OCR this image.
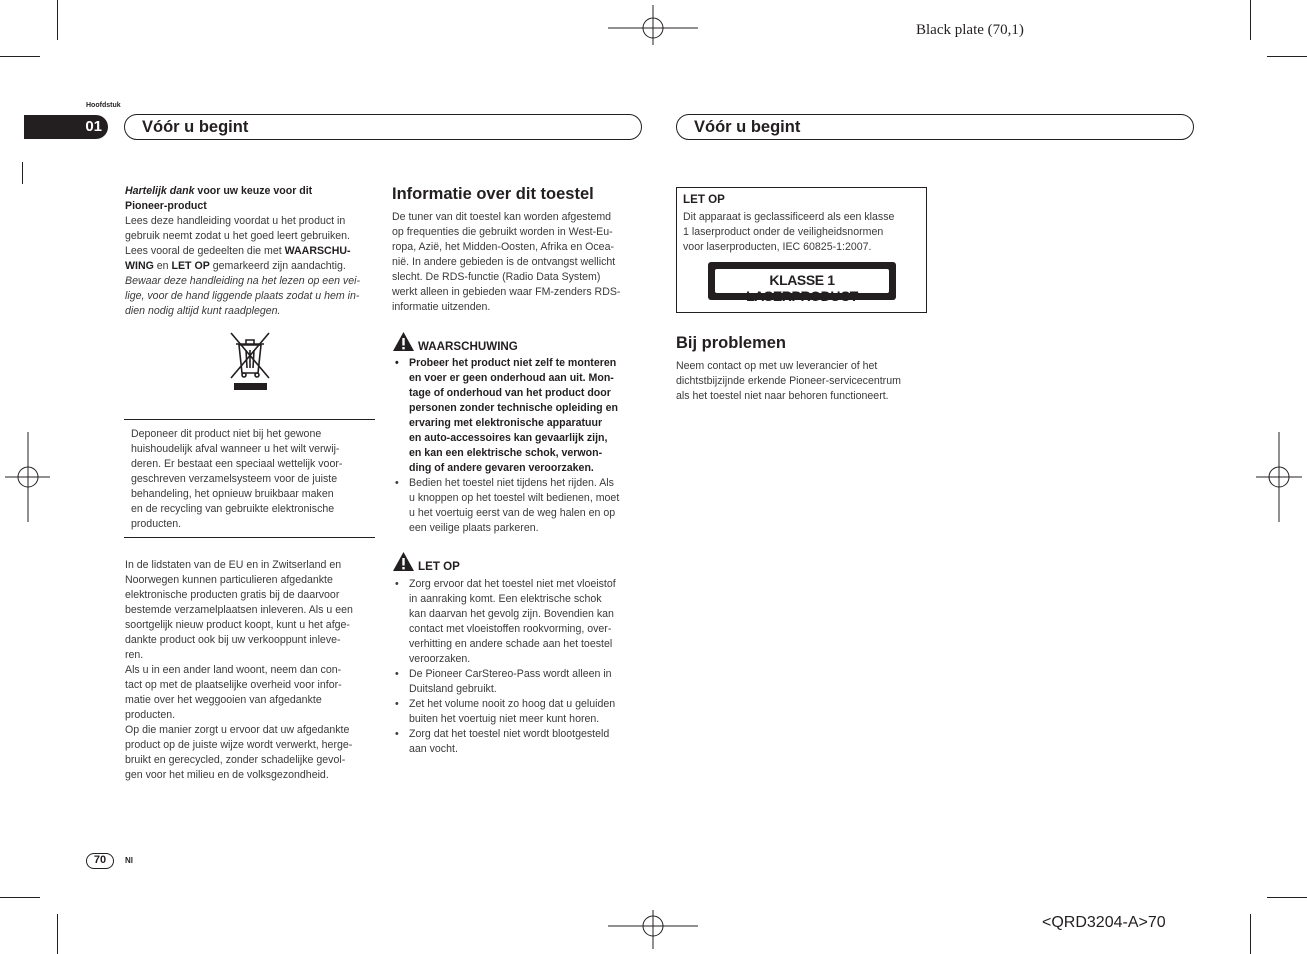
Black plate (70,1)
<QRD3204-A>70
Hoofdstuk
01 Vóór u begint	Vóór u begint
Hartelijk dank voor uw keuze voor dit
Pioneer-product
Lees deze handleiding voordat u het product in
gebruik neemt zodat u het goed leert gebruiken.
Lees vooral de gedeelten die met WAARSCHU-
WING en LET OP gemarkeerd zijn aandachtig.
Bewaar deze handleiding na het lezen op een vei-
lige, voor de hand liggende plaats zodat u hem in-
dien nodig altijd kunt raadplegen.
Deponeer dit product niet bij het gewone
huishoudelijk afval wanneer u het wilt verwij-
deren. Er bestaat een speciaal wettelijk voor-
geschreven verzamelsysteem voor de juiste
behandeling, het opnieuw bruikbaar maken
en de recycling van gebruikte elektronische
producten.
In de lidstaten van de EU en in Zwitserland en
Noorwegen kunnen particulieren afgedankte
elektronische producten gratis bij de daarvoor
bestemde verzamelplaatsen inleveren. Als u een
soortgelijk nieuw product koopt, kunt u het afge-
dankte product ook bij uw verkooppunt inleve-
ren.
Als u in een ander land woont, neem dan con-
tact op met de plaatselijke overheid voor infor-
matie over het weggooien van afgedankte
producten.
Op die manier zorgt u ervoor dat uw afgedankte
product op de juiste wijze wordt verwerkt, herge-
bruikt en gerecycled, zonder schadelijke gevol-
gen voor het milieu en de volksgezondheid.
Informatie over dit toestel
De tuner van dit toestel kan worden afgestemd
op frequenties die gebruikt worden in West-Eu-
ropa, Azië, het Midden-Oosten, Afrika en Ocea-
nië. In andere gebieden is de ontvangst wellicht
slecht. De RDS-functie (Radio Data System)
werkt alleen in gebieden waar FM-zenders RDS-
informatie uitzenden.
WAARSCHUWING
• Probeer het product niet zelf te monteren
en voer er geen onderhoud aan uit. Mon-
tage of onderhoud van het product door
personen zonder technische opleiding en
ervaring met elektronische apparatuur
en auto-accessoires kan gevaarlijk zijn,
en kan een elektrische schok, verwon-
ding of andere gevaren veroorzaken.
• Bedien het toestel niet tijdens het rijden. Als
u knoppen op het toestel wilt bedienen, moet
u het voertuig eerst van de weg halen en op
een veilige plaats parkeren.
LET OP
• Zorg ervoor dat het toestel niet met vloeistof
in aanraking komt. Een elektrische schok
kan daarvan het gevolg zijn. Bovendien kan
contact met vloeistoffen rookvorming, over-
verhitting en andere schade aan het toestel
veroorzaken.
• De Pioneer CarStereo-Pass wordt alleen in
Duitsland gebruikt.
• Zet het volume nooit zo hoog dat u geluiden
buiten het voertuig niet meer kunt horen.
• Zorg dat het toestel niet wordt blootgesteld
aan vocht.
LET OP
Dit apparaat is geclassificeerd als een klasse
1 laserproduct onder de veiligheidsnormen
voor laserproducten, IEC 60825-1:2007.
KLASSE 1 LASERPRODUCT
Bij problemen
Neem contact op met uw leverancier of het
dichtstbijzijnde erkende Pioneer-servicecentrum
als het toestel niet naar behoren functioneert.
70	Nl
